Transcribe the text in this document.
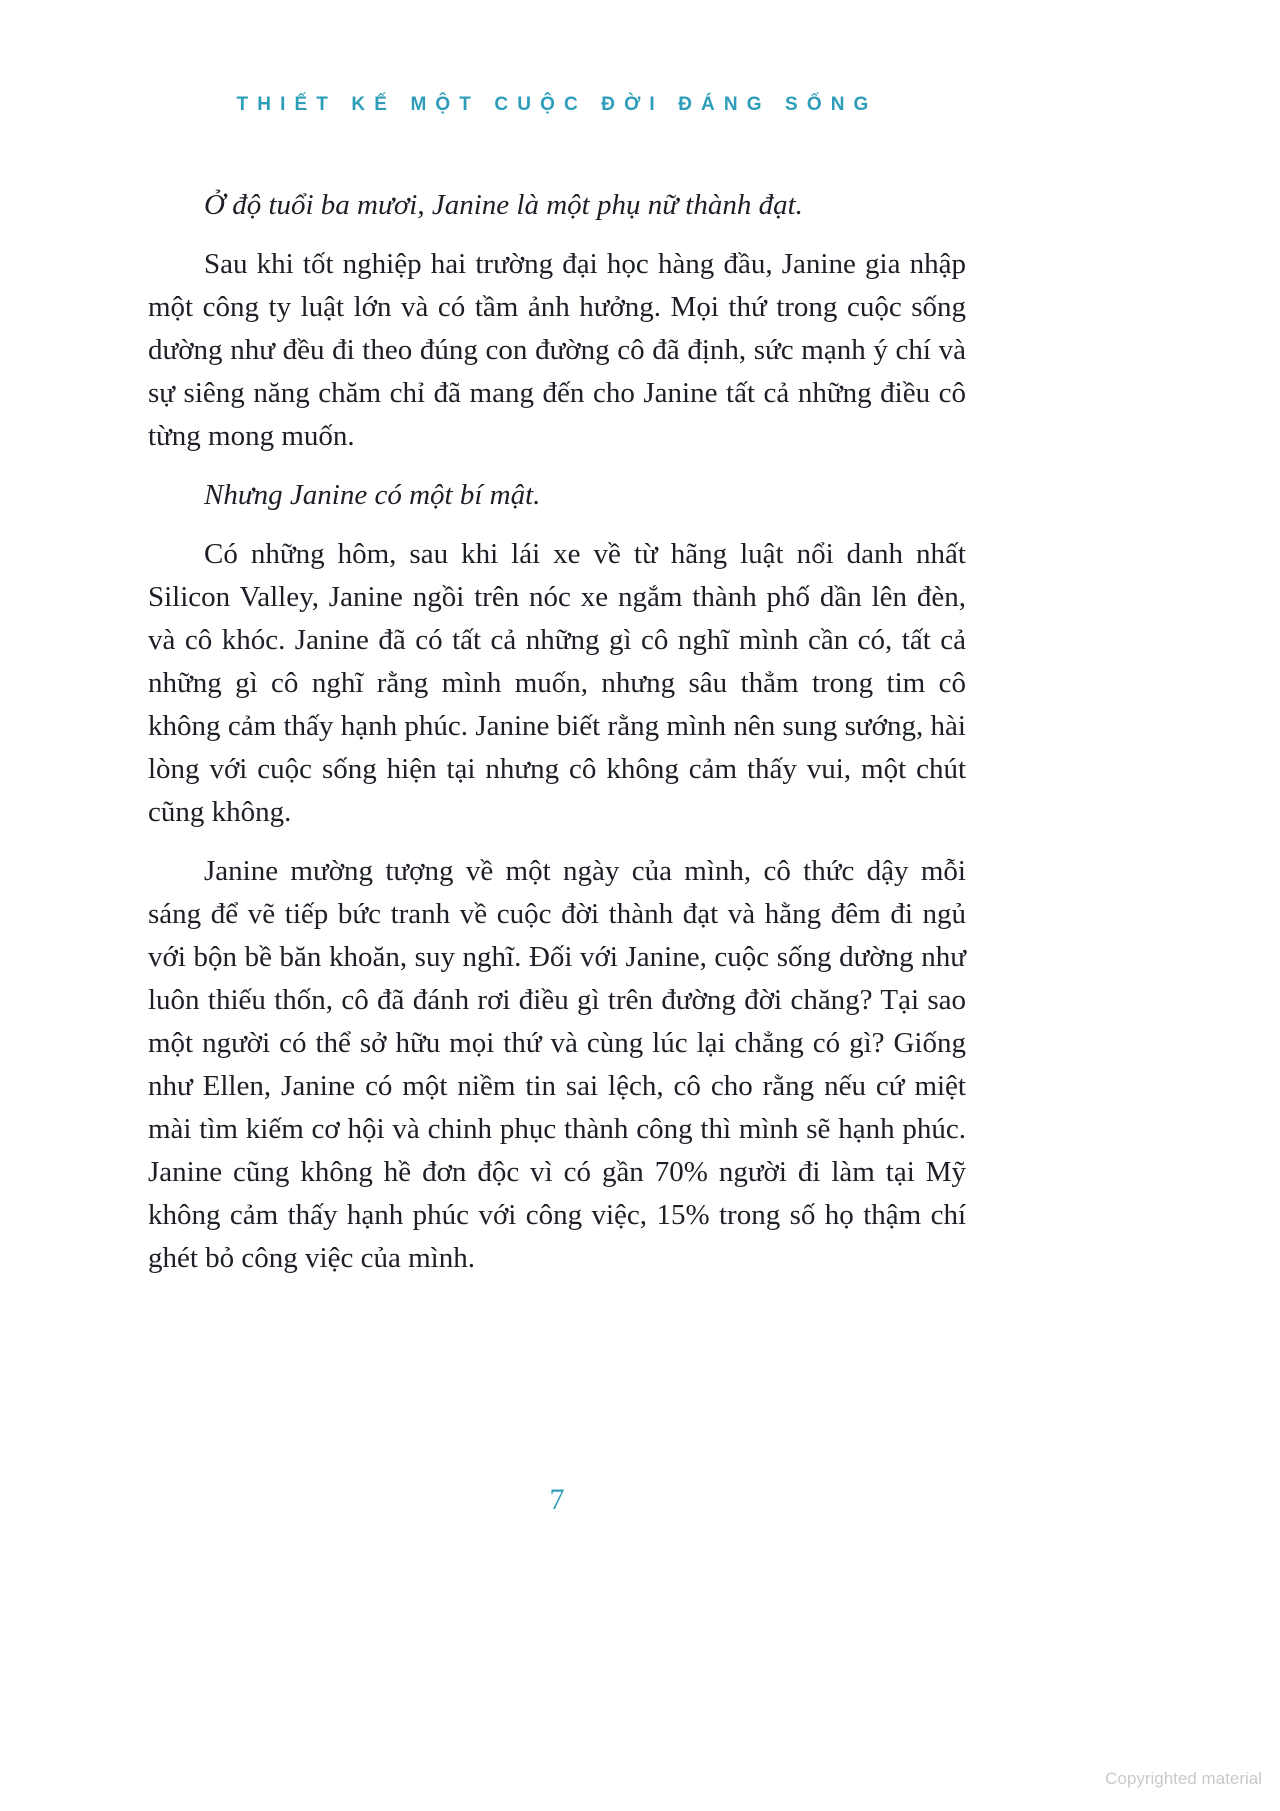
THIẾT KẾ MỘT CUỘC ĐỜI ĐÁNG SỐNG

Ở độ tuổi ba mươi, Janine là một phụ nữ thành đạt.

Sau khi tốt nghiệp hai trường đại học hàng đầu, Janine gia nhập một công ty luật lớn và có tầm ảnh hưởng. Mọi thứ trong cuộc sống dường như đều đi theo đúng con đường cô đã định, sức mạnh ý chí và sự siêng năng chăm chỉ đã mang đến cho Janine tất cả những điều cô từng mong muốn.

Nhưng Janine có một bí mật.

Có những hôm, sau khi lái xe về từ hãng luật nổi danh nhất Silicon Valley, Janine ngồi trên nóc xe ngắm thành phố dần lên đèn, và cô khóc. Janine đã có tất cả những gì cô nghĩ mình cần có, tất cả những gì cô nghĩ rằng mình muốn, nhưng sâu thẳm trong tim cô không cảm thấy hạnh phúc. Janine biết rằng mình nên sung sướng, hài lòng với cuộc sống hiện tại nhưng cô không cảm thấy vui, một chút cũng không.

Janine mường tượng về một ngày của mình, cô thức dậy mỗi sáng để vẽ tiếp bức tranh về cuộc đời thành đạt và hằng đêm đi ngủ với bộn bề băn khoăn, suy nghĩ. Đối với Janine, cuộc sống dường như luôn thiếu thốn, cô đã đánh rơi điều gì trên đường đời chăng? Tại sao một người có thể sở hữu mọi thứ và cùng lúc lại chẳng có gì? Giống như Ellen, Janine có một niềm tin sai lệch, cô cho rằng nếu cứ miệt mài tìm kiếm cơ hội và chinh phục thành công thì mình sẽ hạnh phúc. Janine cũng không hề đơn độc vì có gần 70% người đi làm tại Mỹ không cảm thấy hạnh phúc với công việc, 15% trong số họ thậm chí ghét bỏ công việc của mình.

7
Copyrighted material
